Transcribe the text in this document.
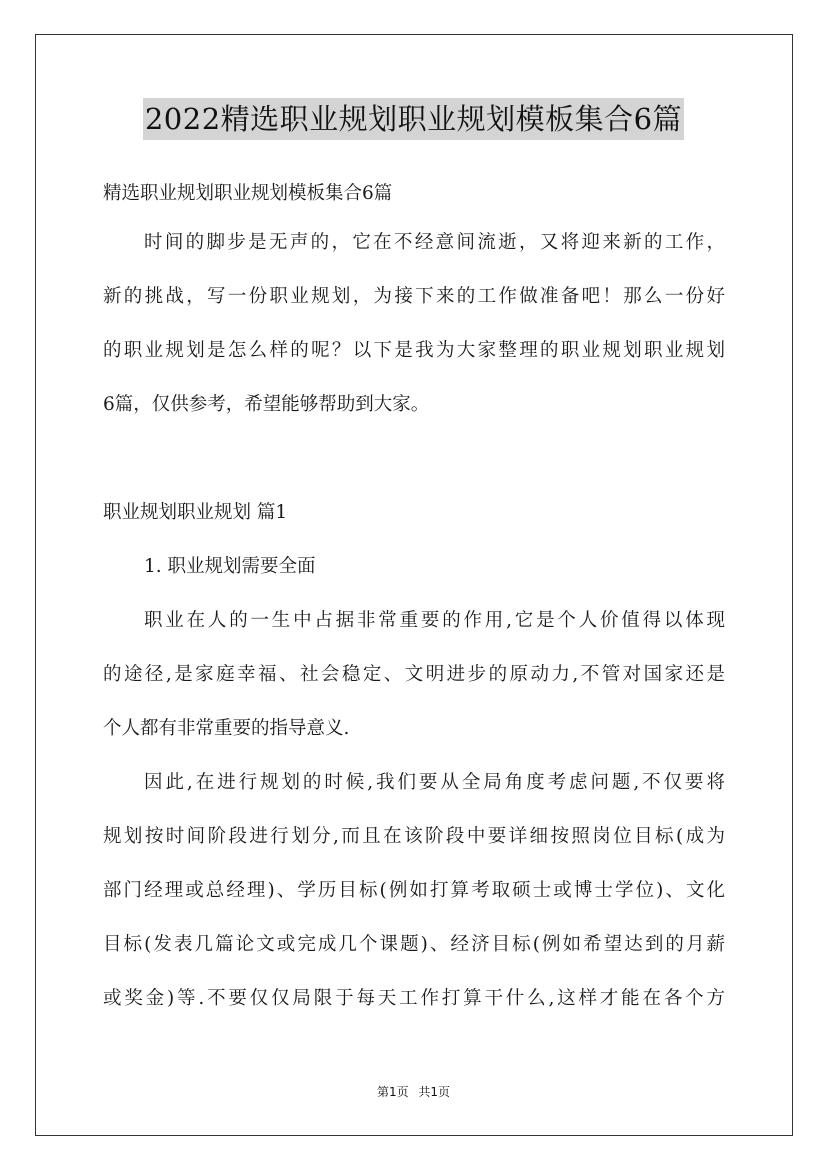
2022精选职业规划职业规划模板集合6篇
精选职业规划职业规划模板集合6篇
时间的脚步是无声的，它在不经意间流逝，又将迎来新的工作，
新的挑战，写一份职业规划，为接下来的工作做准备吧！那么一份好
的职业规划是怎么样的呢？以下是我为大家整理的职业规划职业规划
6篇，仅供参考，希望能够帮助到大家。
职业规划职业规划 篇1
1. 职业规划需要全面
职业在人的一生中占据非常重要的作用,它是个人价值得以体现
的途径,是家庭幸福、社会稳定、文明进步的原动力,不管对国家还是
个人都有非常重要的指导意义.
因此,在进行规划的时候,我们要从全局角度考虑问题,不仅要将
规划按时间阶段进行划分,而且在该阶段中要详细按照岗位目标(成为
部门经理或总经理)、学历目标(例如打算考取硕士或博士学位)、文化
目标(发表几篇论文或完成几个课题)、经济目标(例如希望达到的月薪
或奖金)等.不要仅仅局限于每天工作打算干什么,这样才能在各个方
第1页 共1页
